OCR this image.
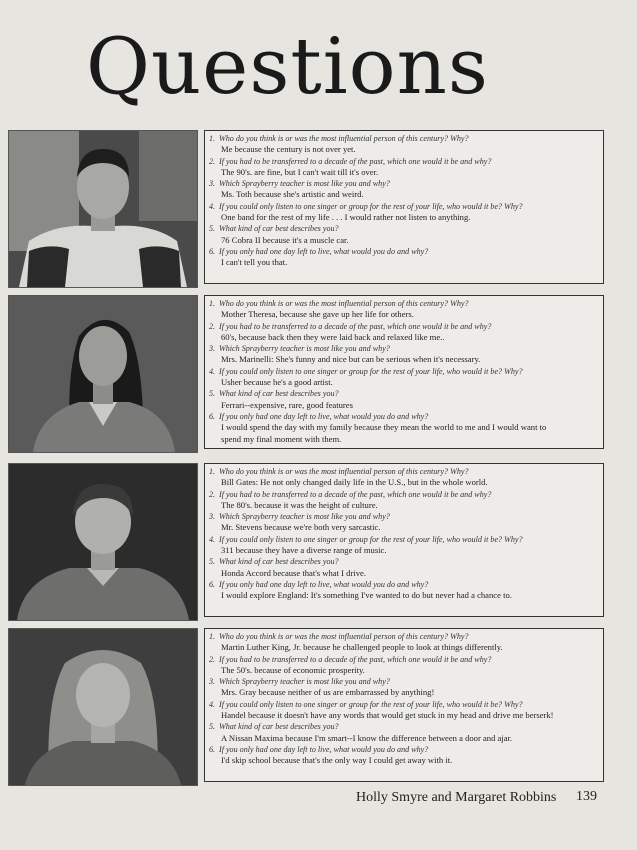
Questions
1. Who do you think is or was the most influential person of this century? Why?
Me because the century is not over yet.
2. If you had to be transferred to a decade of the past, which one would it be and why?
The 90's. are fine, but I can't wait till it's over.
3. Which Sprayberry teacher is most like you and why?
Ms. Toth because she's artistic and weird.
4. If you could only listen to one singer or group for the rest of your life, who would it be? Why?
One band for the rest of my life . . . I would rather not listen to anything.
5. What kind of car best describes you?
76 Cobra II because it's a muscle car.
6. If you only had one day left to live, what would you do and why?
I can't tell you that.
1. Who do you think is or was the most influential person of this century? Why?
Mother Theresa, because she gave up her life for others.
2. If you had to be transferred to a decade of the past, which one would it be and why?
60's, because back then they were laid back and relaxed like me..
3. Which Sprayberry teacher is most like you and why?
Mrs. Marinelli: She's funny and nice but can be serious when it's necessary.
4. If you could only listen to one singer or group for the rest of your life, who would it be? Why?
Usher because he's a good artist.
5. What kind of car best describes you?
Ferrari--expensive, rare, good features
6. If you only had one day left to live, what would you do and why?
I would spend the day with my family because they mean the world to me and I would want to
spend my final moment with them.
1. Who do you think is or was the most influential person of this century? Why?
Bill Gates: He not only changed daily life in the U.S., but in the whole world.
2. If you had to be transferred to a decade of the past, which one would it be and why?
The 80's. because it was the height of culture.
3. Which Sprayberry teacher is most like you and why?
Mr. Stevens because we're both very sarcastic.
4. If you could only listen to one singer or group for the rest of your life, who would it be? Why?
311 because they have a diverse range of music.
5. What kind of car best describes you?
Honda Accord because that's what I drive.
6. If you only had one day left to live, what would you do and why?
I would explore England: It's something I've wanted to do but never had a chance to.
1. Who do you think is or was the most influential person of this century? Why?
Martin Luther King, Jr. because he challenged people to look at things differently.
2. If you had to be transferred to a decade of the past, which one would it be and why?
The 50's. because of economic prosperity.
3. Which Sprayberry teacher is most like you and why?
Mrs. Gray because neither of us are embarrassed by anything!
4. If you could only listen to one singer or group for the rest of your life, who would it be? Why?
Handel because it doesn't have any words that would get stuck in my head and drive me berserk!
5. What kind of car best describes you?
A Nissan Maxima because I'm smart--I know the difference between a door and ajar.
6. If you only had one day left to live, what would you do and why?
I'd skip school because that's the only way I could get away with it.
Holly Smyre and Margaret Robbins 139
